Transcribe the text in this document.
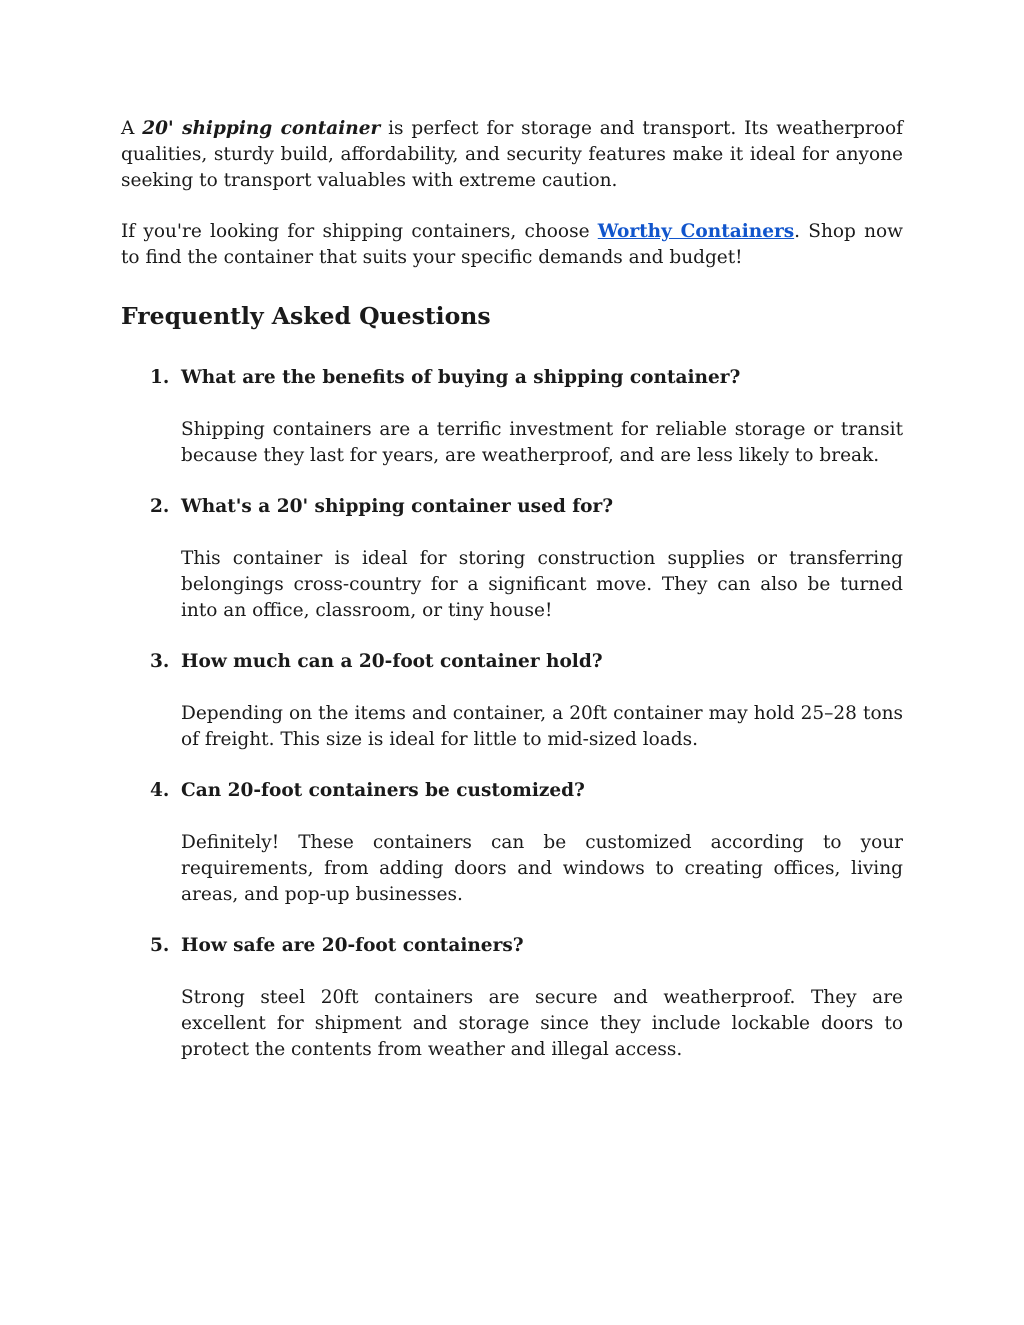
A 20' shipping container is perfect for storage and transport. Its weatherproof qualities, sturdy build, affordability, and security features make it ideal for anyone seeking to transport valuables with extreme caution.

If you're looking for shipping containers, choose Worthy Containers. Shop now to find the container that suits your specific demands and budget!

Frequently Asked Questions
1. What are the benefits of buying a shipping container?

Shipping containers are a terrific investment for reliable storage or transit because they last for years, are weatherproof, and are less likely to break.

2. What's a 20' shipping container used for?

This container is ideal for storing construction supplies or transferring belongings cross-country for a significant move. They can also be turned into an office, classroom, or tiny house!

3. How much can a 20-foot container hold?

Depending on the items and container, a 20ft container may hold 25–28 tons of freight. This size is ideal for little to mid-sized loads.

4. Can 20-foot containers be customized?

Definitely! These containers can be customized according to your requirements, from adding doors and windows to creating offices, living areas, and pop-up businesses.

5. How safe are 20-foot containers?

Strong steel 20ft containers are secure and weatherproof. They are excellent for shipment and storage since they include lockable doors to protect the contents from weather and illegal access.
